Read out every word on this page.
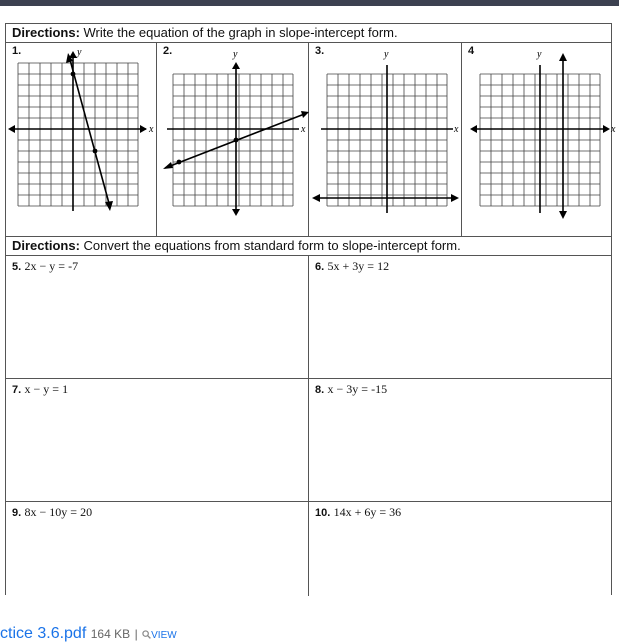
Directions: Write the equation of the graph in slope-intercept form.
1.
x
y	2.
x
y	3.
x
y	4
x
y
Directions: Convert the equations from standard form to slope-intercept form.
5. 2x − y = -7	6. 5x + 3y = 12
7. x − y = 1	8. x − 3y = -15
9. 8x − 10y = 20	10. 14x + 6y = 36
ctice 3.6.pdf 164 KB | VIEW
